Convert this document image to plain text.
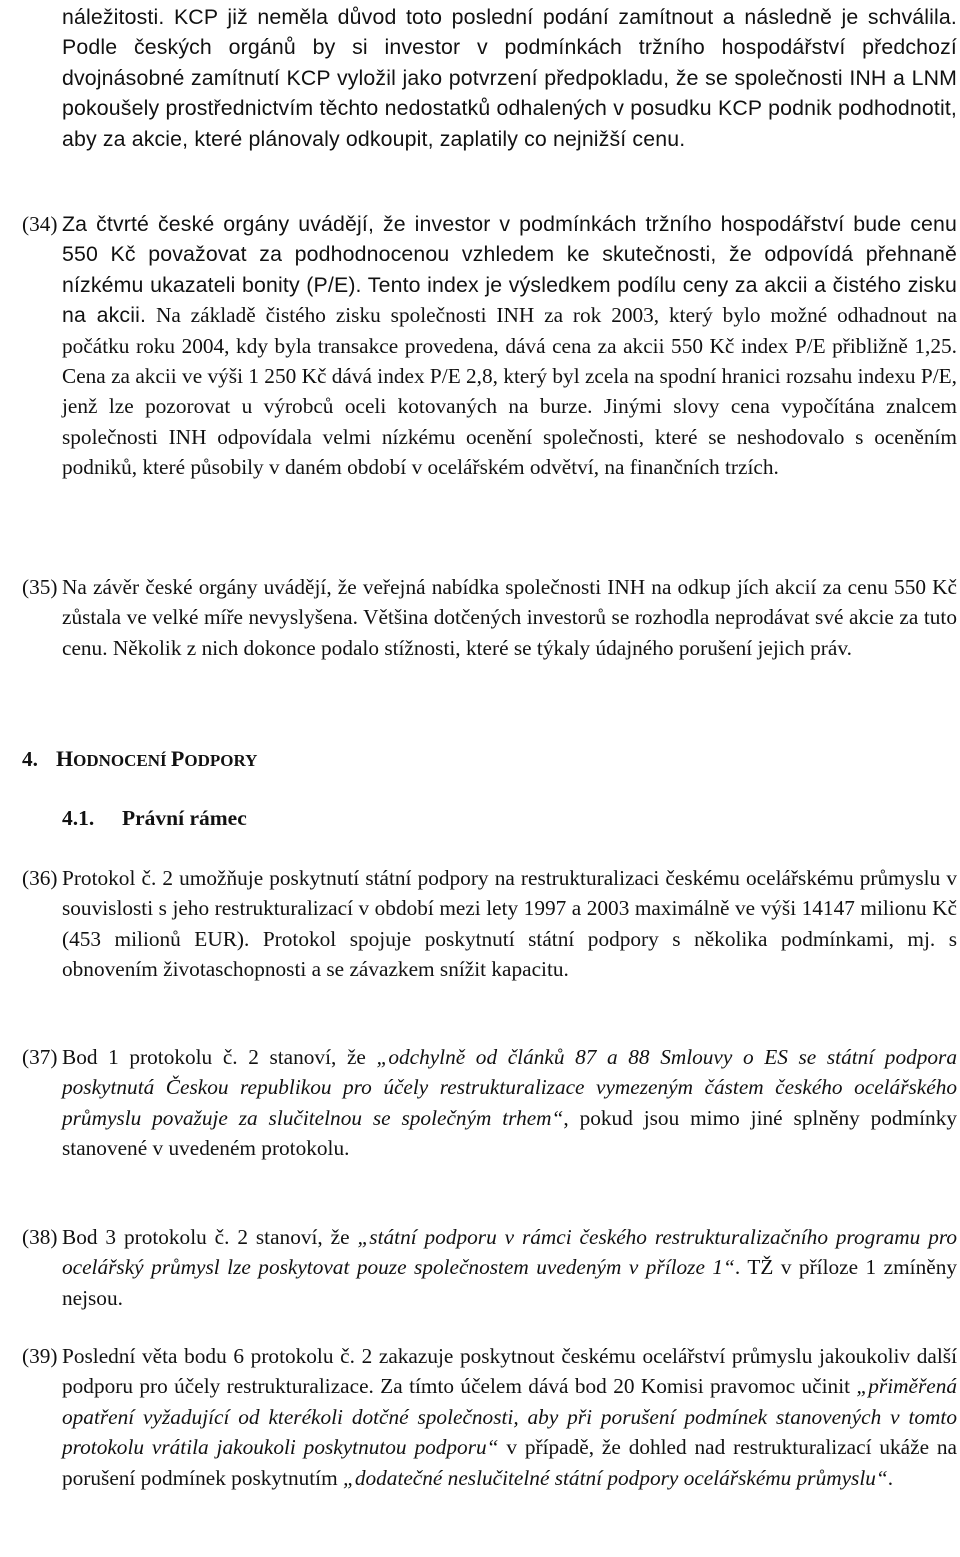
náležitosti. KCP již neměla důvod toto poslední podání zamítnout a následně je schválila. Podle českých orgánů by si investor v podmínkách tržního hospodářství předchozí dvojnásobné zamítnutí KCP vyložil jako potvrzení předpokladu, že se společnosti INH a LNM pokoušely prostřednictvím těchto nedostatků odhalených v posudku KCP podnik podhodnotit, aby za akcie, které plánovaly odkoupit, zaplatily co nejnižší cenu.

(34) Za čtvrté české orgány uvádějí, že investor v podmínkách tržního hospodářství bude cenu 550 Kč považovat za podhodnocenou vzhledem ke skutečnosti, že odpovídá přehnaně nízkému ukazateli bonity (P/E). Tento index je výsledkem podílu ceny za akcii a čistého zisku na akcii. Na základě čistého zisku společnosti INH za rok 2003, který bylo možné odhadnout na počátku roku 2004, kdy byla transakce provedena, dává cena za akcii 550 Kč index P/E přibližně 1,25. Cena za akcii ve výši 1 250 Kč dává index P/E 2,8, který byl zcela na spodní hranici rozsahu indexu P/E, jenž lze pozorovat u výrobců oceli kotovaných na burze. Jinými slovy cena vypočítána znalcem společnosti INH odpovídala velmi nízkému ocenění společnosti, které se neshodovalo s oceněním podniků, které působily v daném období v ocelářském odvětví, na finančních trzích.
(35) Na závěr české orgány uvádějí, že veřejná nabídka společnosti INH na odkup jích akcií za cenu 550 Kč zůstala ve velké míře nevyslyšena. Většina dotčených investorů se rozhodla neprodávat své akcie za tuto cenu. Několik z nich dokonce podalo stížnosti, které se týkaly údajného porušení jejich práv.
4. HODNOCENÍ PODPORY
4.1. Právní rámec
(36) Protokol č. 2 umožňuje poskytnutí státní podpory na restrukturalizaci českému ocelářskému průmyslu v souvislosti s jeho restrukturalizací v období mezi lety 1997 a 2003 maximálně ve výši 14147 milionu Kč (453 milionů EUR). Protokol spojuje poskytnutí státní podpory s několika podmínkami, mj. s obnovením životaschopnosti a se závazkem snížit kapacitu.
(37) Bod 1 protokolu č. 2 stanoví, že „odchylně od článků 87 a 88 Smlouvy o ES se státní podpora poskytnutá Českou republikou pro účely restrukturalizace vymezeným částem českého ocelářského průmyslu považuje za slučitelnou se společným trhem“, pokud jsou mimo jiné splněny podmínky stanovené v uvedeném protokolu.
(38) Bod 3 protokolu č. 2 stanoví, že „státní podporu v rámci českého restrukturalizačního programu pro ocelářský průmysl lze poskytovat pouze společnostem uvedeným v příloze 1“. TŽ v příloze 1 zmíněny nejsou.
(39) Poslední věta bodu 6 protokolu č. 2 zakazuje poskytnout českému ocelářství průmyslu jakoukoliv další podporu pro účely restrukturalizace. Za tímto účelem dává bod 20 Komisi pravomoc učinit „přiměřená opatření vyžadující od kterékoli dotčné společnosti, aby při porušení podmínek stanovených v tomto protokolu vrátila jakoukoli poskytnutou podporu“ v případě, že dohled nad restrukturalizací ukáže na porušení podmínek poskytnutím „dodatečné neslučitelné státní podpory ocelářskému průmyslu“.
